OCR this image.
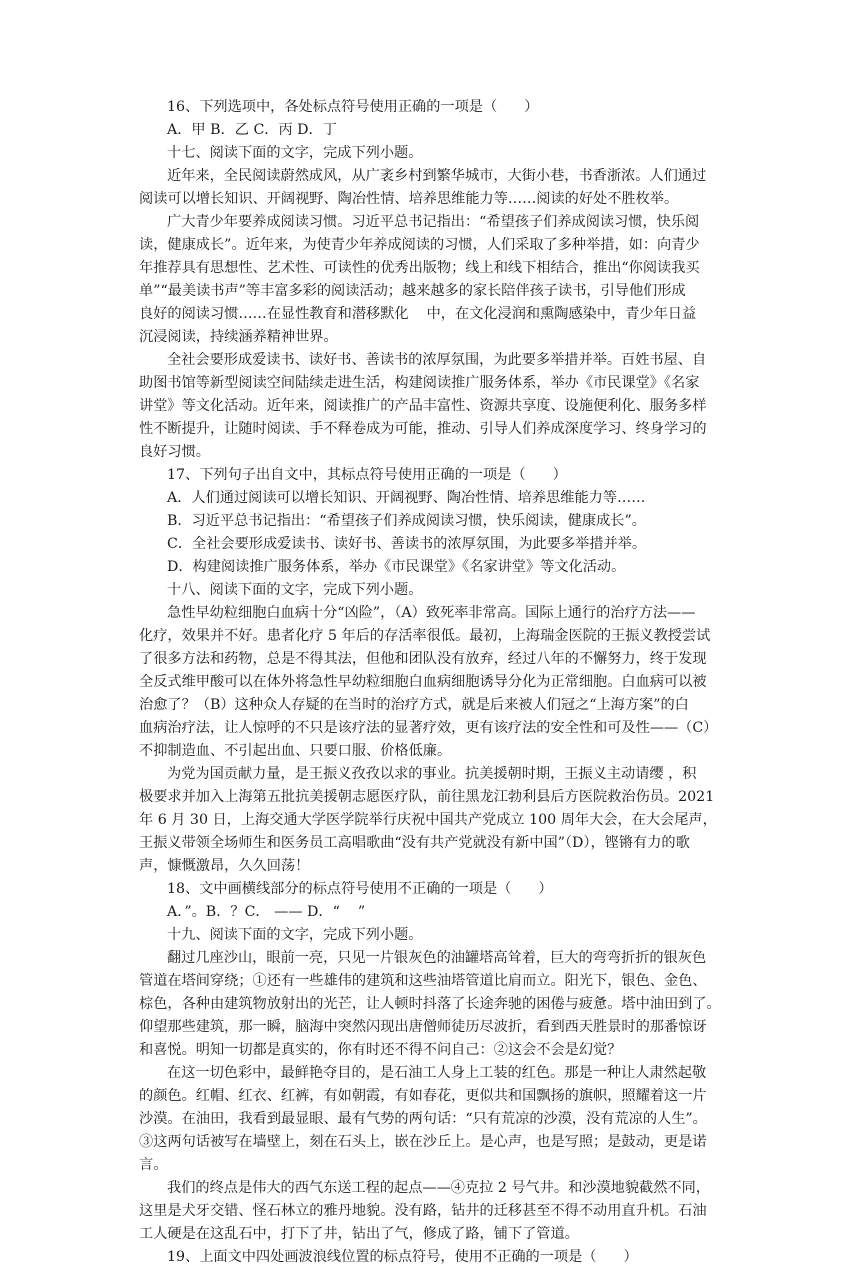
16、下列选项中，各处标点符号使用正确的一项是（      ）
A．甲 B．乙 C．丙 D．丁
十七、阅读下面的文字，完成下列小题。
近年来，全民阅读蔚然成风，从广袤乡村到繁华城市，大街小巷，书香浙浓。人们通过
阅读可以增长知识、开阔视野、陶冶性情、培养思维能力等……阅读的好处不胜枚举。
广大青少年要养成阅读习惯。习近平总书记指出：“希望孩子们养成阅读习惯，快乐阅
读，健康成长”。近年来，为使青少年养成阅读的习惯，人们采取了多种举措，如：向青少
年推荐具有思想性、艺术性、可读性的优秀出版物；线上和线下相结合，推出“你阅读我买
单”“最美读书声”等丰富多彩的阅读活动；越来越多的家长陪伴孩子读书，引导他们形成
良好的阅读习惯……在显性教育和潜移默化    中，在文化浸润和熏陶感染中，青少年日益
沉浸阅读，持续涵养精神世界。
全社会要形成爱读书、读好书、善读书的浓厚氛围，为此要多举措并举。百姓书屋、自
助图书馆等新型阅读空间陆续走进生活，构建阅读推广服务体系，举办《市民课堂》《名家
讲堂》等文化活动。近年来，阅读推广的产品丰富性、资源共享度、设施便利化、服务多样
性不断提升，让随时阅读、手不释卷成为可能，推动、引导人们养成深度学习、终身学习的
良好习惯。
17、下列句子出自文中，其标点符号使用正确的一项是（      ）
A．人们通过阅读可以增长知识、开阔视野、陶冶性情、培养思维能力等……
B．习近平总书记指出：“希望孩子们养成阅读习惯，快乐阅读，健康成长”。
C．全社会要形成爱读书、读好书、善读书的浓厚氛围，为此要多举措并举。
D．构建阅读推广服务体系，举办《市民课堂》《名家讲堂》等文化活动。
十八、阅读下面的文字，完成下列小题。
急性早幼粒细胞白血病十分“凶险”，（A）致死率非常高。国际上通行的治疗方法——
化疗，效果并不好。患者化疗 5 年后的存活率很低。最初，上海瑞金医院的王振义教授尝试
了很多方法和药物，总是不得其法，但他和团队没有放弃，经过八年的不懈努力，终于发现
全反式维甲酸可以在体外将急性早幼粒细胞白血病细胞诱导分化为正常细胞。白血病可以被
治愈了？（B）这种众人存疑的在当时的治疗方式，就是后来被人们冠之“上海方案”的白
血病治疗法，让人惊呼的不只是该疗法的显著疗效，更有该疗法的安全性和可及性——（C）
不抑制造血、不引起出血、只要口服、价格低廉。
为党为国贡献力量，是王振义孜孜以求的事业。抗美援朝时期，王振义主动请缨 ，积
极要求并加入上海第五批抗美援朝志愿医疗队，前往黑龙江勃利县后方医院救治伤员。2021
年 6 月 30 日，上海交通大学医学院举行庆祝中国共产党成立 100 周年大会，在大会尾声，
王振义带领全场师生和医务员工高唱歌曲“没有共产党就没有新中国”（D），铿锵有力的歌
声，慷慨激昂，久久回荡！
18、文中画横线部分的标点符号使用不正确的一项是（      ）
A．”。B．？C． —— D．“    ”
十九、阅读下面的文字，完成下列小题。
翻过几座沙山，眼前一亮，只见一片银灰色的油罐塔高耸着，巨大的弯弯折折的银灰色
管道在塔间穿绕；①还有一些雄伟的建筑和这些油塔管道比肩而立。阳光下，银色、金色、
棕色，各种由建筑物放射出的光芒，让人顿时抖落了长途奔驰的困倦与疲惫。塔中油田到了。
仰望那些建筑，那一瞬，脑海中突然闪现出唐僧师徒历尽波折，看到西天胜景时的那番惊讶
和喜悦。明知一切都是真实的，你有时还不得不问自己：②这会不会是幻觉？
在这一切色彩中，最鲜艳夺目的，是石油工人身上工装的红色。那是一种让人肃然起敬
的颜色。红帽、红衣、红裤，有如朝霞，有如春花，更似共和国飘扬的旗帜，照耀着这一片
沙漠。在油田，我看到最显眼、最有气势的两句话：“只有荒凉的沙漠，没有荒凉的人生”。
③这两句话被写在墙壁上，刻在石头上，嵌在沙丘上。是心声，也是写照；是鼓动，更是诺
言。
我们的终点是伟大的西气东送工程的起点——④克拉 2 号气井。和沙漠地貌截然不同，
这里是犬牙交错、怪石林立的雅丹地貌。没有路，钻井的迁移甚至不得不动用直升机。石油
工人硬是在这乱石中，打下了井，钻出了气，修成了路，铺下了管道。
19、上面文中四处画波浪线位置的标点符号，使用不正确的一项是（      ）
